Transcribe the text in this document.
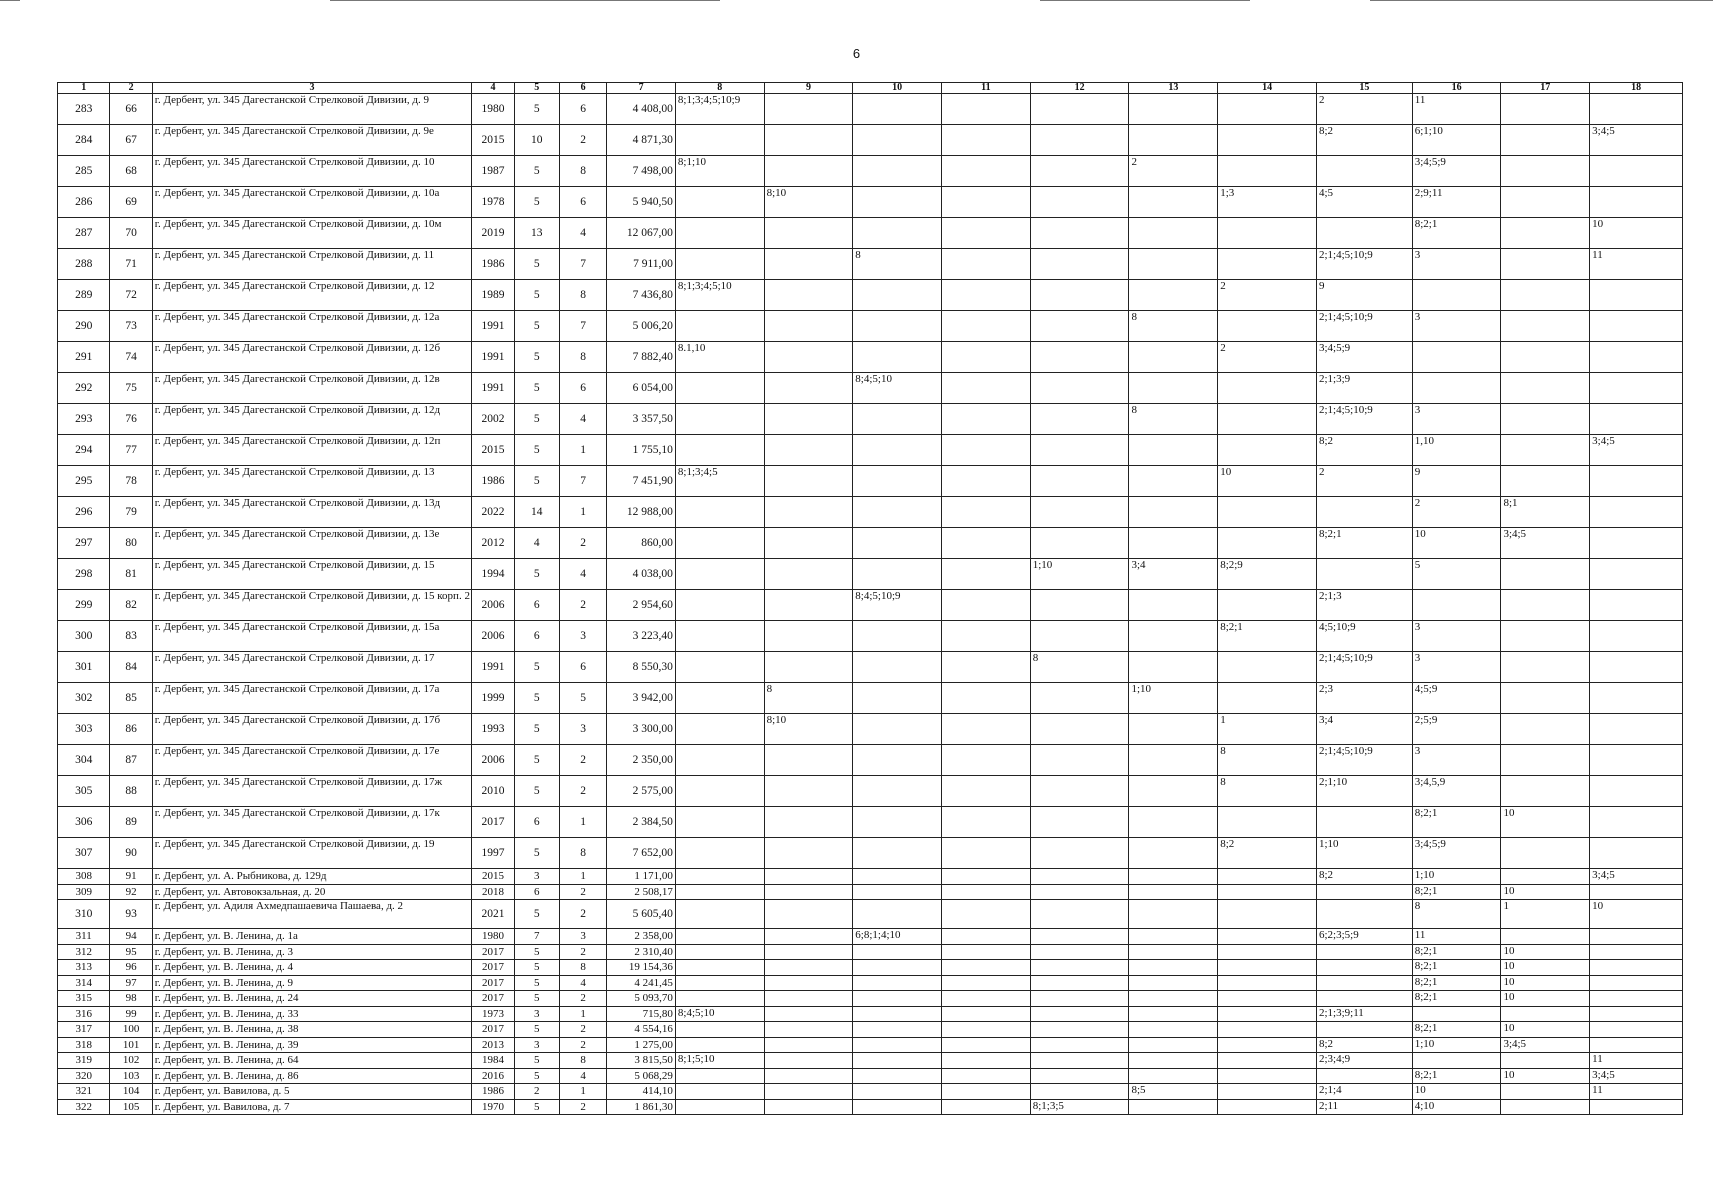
6
1	2	3	4	5	6	7	8	9	10	11	12	13	14	15	16	17	18
283	66	г. Дербент, ул. 345 Дагестанской Стрелковой Дивизии, д. 9	1980	5	6	4 408,00	8;1;3;4;5;10;9							2	11		
284	67	г. Дербент, ул. 345 Дагестанской Стрелковой Дивизии, д. 9е	2015	10	2	4 871,30								8;2	6;1;10		3;4;5
285	68	г. Дербент, ул. 345 Дагестанской Стрелковой Дивизии, д. 10	1987	5	8	7 498,00	8;1;10					2			3;4;5;9		
286	69	г. Дербент, ул. 345 Дагестанской Стрелковой Дивизии, д. 10а	1978	5	6	5 940,50		8;10					1;3	4;5	2;9;11		
287	70	г. Дербент, ул. 345 Дагестанской Стрелковой Дивизии, д. 10м	2019	13	4	12 067,00									8;2;1		10
288	71	г. Дербент, ул. 345 Дагестанской Стрелковой Дивизии, д. 11	1986	5	7	7 911,00			8					2;1;4;5;10;9	3		11
289	72	г. Дербент, ул. 345 Дагестанской Стрелковой Дивизии, д. 12	1989	5	8	7 436,80	8;1;3;4;5;10						2	9			
290	73	г. Дербент, ул. 345 Дагестанской Стрелковой Дивизии, д. 12а	1991	5	7	5 006,20						8		2;1;4;5;10;9	3		
291	74	г. Дербент, ул. 345 Дагестанской Стрелковой Дивизии, д. 12б	1991	5	8	7 882,40	8.1,10						2	3;4;5;9			
292	75	г. Дербент, ул. 345 Дагестанской Стрелковой Дивизии, д. 12в	1991	5	6	6 054,00			8;4;5;10					2;1;3;9			
293	76	г. Дербент, ул. 345 Дагестанской Стрелковой Дивизии, д. 12д	2002	5	4	3 357,50						8		2;1;4;5;10;9	3		
294	77	г. Дербент, ул. 345 Дагестанской Стрелковой Дивизии, д. 12п	2015	5	1	1 755,10								8;2	1,10		3;4;5
295	78	г. Дербент, ул. 345 Дагестанской Стрелковой Дивизии, д. 13	1986	5	7	7 451,90	8;1;3;4;5						10	2	9		
296	79	г. Дербент, ул. 345 Дагестанской Стрелковой Дивизии, д. 13д	2022	14	1	12 988,00									2	8;1	
297	80	г. Дербент, ул. 345 Дагестанской Стрелковой Дивизии, д. 13е	2012	4	2	860,00								8;2;1	10	3;4;5	
298	81	г. Дербент, ул. 345 Дагестанской Стрелковой Дивизии, д. 15	1994	5	4	4 038,00					1;10	3;4	8;2;9		5		
299	82	г. Дербент, ул. 345 Дагестанской Стрелковой Дивизии, д. 15 корп. 2	2006	6	2	2 954,60			8;4;5;10;9					2;1;3			
300	83	г. Дербент, ул. 345 Дагестанской Стрелковой Дивизии, д. 15а	2006	6	3	3 223,40							8;2;1	4;5;10;9	3		
301	84	г. Дербент, ул. 345 Дагестанской Стрелковой Дивизии, д. 17	1991	5	6	8 550,30					8			2;1;4;5;10;9	3		
302	85	г. Дербент, ул. 345 Дагестанской Стрелковой Дивизии, д. 17а	1999	5	5	3 942,00		8				1;10		2;3	4;5;9		
303	86	г. Дербент, ул. 345 Дагестанской Стрелковой Дивизии, д. 17б	1993	5	3	3 300,00		8;10					1	3;4	2;5;9		
304	87	г. Дербент, ул. 345 Дагестанской Стрелковой Дивизии, д. 17е	2006	5	2	2 350,00							8	2;1;4;5;10;9	3		
305	88	г. Дербент, ул. 345 Дагестанской Стрелковой Дивизии, д. 17ж	2010	5	2	2 575,00							8	2;1;10	3;4,5,9		
306	89	г. Дербент, ул. 345 Дагестанской Стрелковой Дивизии, д. 17к	2017	6	1	2 384,50									8;2;1	10	
307	90	г. Дербент, ул. 345 Дагестанской Стрелковой Дивизии, д. 19	1997	5	8	7 652,00							8;2	1;10	3;4;5;9		
308	91	г. Дербент, ул. А. Рыбникова, д. 129д	2015	3	1	1 171,00								8;2	1;10		3;4;5
309	92	г. Дербент, ул. Автовокзальная, д. 20	2018	6	2	2 508,17									8;2;1	10	
310	93	г. Дербент, ул. Адиля Ахмедпашаевича Пашаева, д. 2	2021	5	2	5 605,40									8	1	10
311	94	г. Дербент, ул. В. Ленина, д. 1а	1980	7	3	2 358,00			6;8;1;4;10					6;2;3;5;9	11		
312	95	г. Дербент, ул. В. Ленина, д. 3	2017	5	2	2 310,40									8;2;1	10	
313	96	г. Дербент, ул. В. Ленина, д. 4	2017	5	8	19 154,36									8;2;1	10	
314	97	г. Дербент, ул. В. Ленина, д. 9	2017	5	4	4 241,45									8;2;1	10	
315	98	г. Дербент, ул. В. Ленина, д. 24	2017	5	2	5 093,70									8;2;1	10	
316	99	г. Дербент, ул. В. Ленина, д. 33	1973	3	1	715,80	8;4;5;10							2;1;3;9;11			
317	100	г. Дербент, ул. В. Ленина, д. 38	2017	5	2	4 554,16									8;2;1	10	
318	101	г. Дербент, ул. В. Ленина, д. 39	2013	3	2	1 275,00								8;2	1;10	3;4;5	
319	102	г. Дербент, ул. В. Ленина, д. 64	1984	5	8	3 815,50	8;1;5;10							2;3;4;9			11
320	103	г. Дербент, ул. В. Ленина, д. 86	2016	5	4	5 068,29									8;2;1	10	3;4;5
321	104	г. Дербент, ул. Вавилова, д. 5	1986	2	1	414,10						8;5		2;1;4	10		11
322	105	г. Дербент, ул. Вавилова, д. 7	1970	5	2	1 861,30					8;1;3;5			2;11	4;10		
